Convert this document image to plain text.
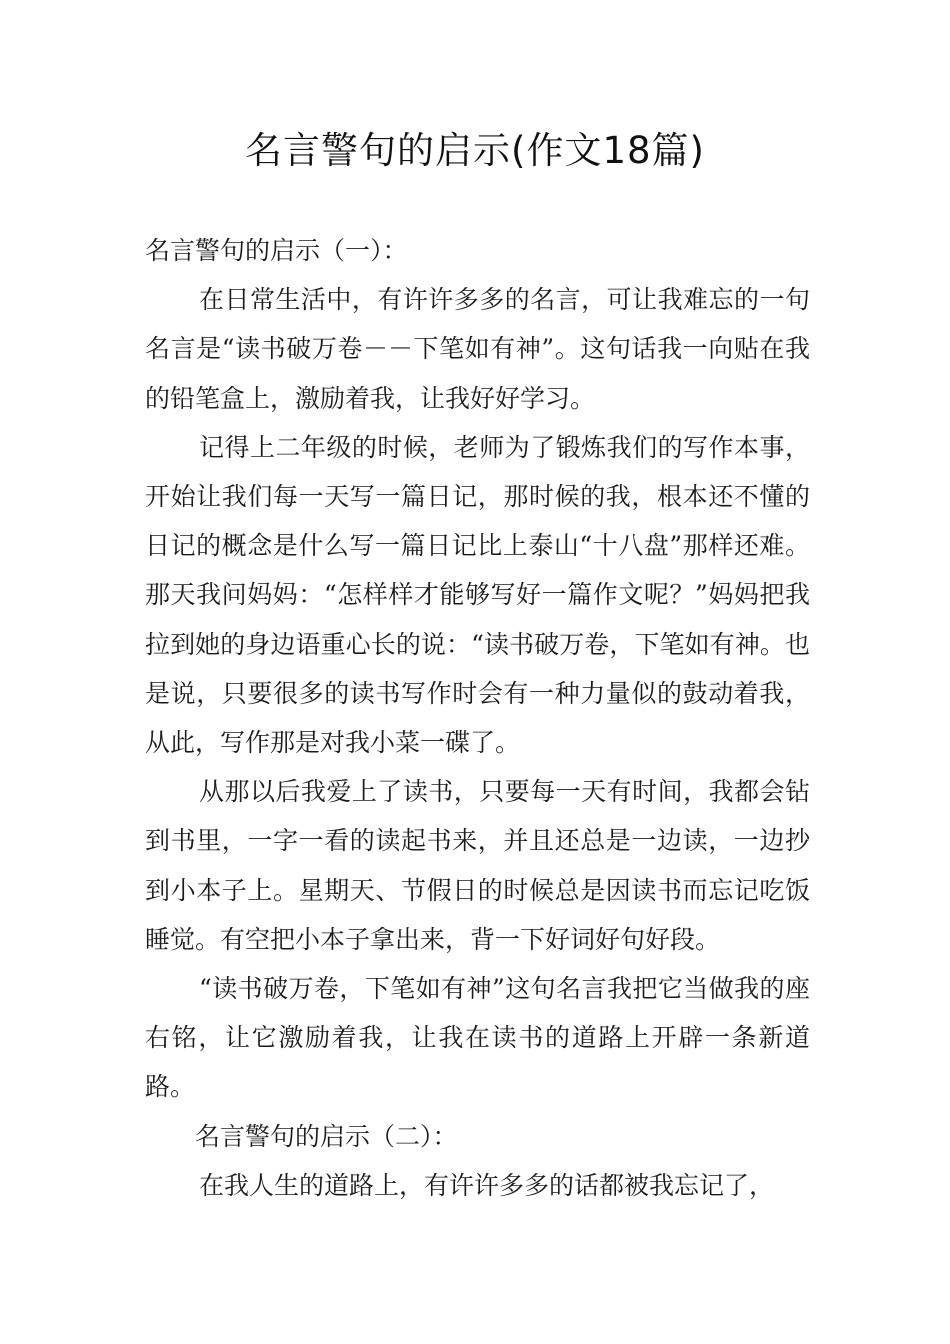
名言警句的启示(作文18篇)
名言警句的启示（一）：

在日常生活中，有许许多多的名言，可让我难忘的一句名言是“读书破万卷－－下笔如有神”。这句话我一向贴在我的铅笔盒上，激励着我，让我好好学习。

记得上二年级的时候，老师为了锻炼我们的写作本事，开始让我们每一天写一篇日记，那时候的我，根本还不懂的日记的概念是什么写一篇日记比上泰山“十八盘”那样还难。那天我问妈妈：“怎样样才能够写好一篇作文呢？”妈妈把我拉到她的身边语重心长的说：“读书破万卷，下笔如有神。也是说，只要很多的读书写作时会有一种力量似的鼓动着我，从此，写作那是对我小菜一碟了。

从那以后我爱上了读书，只要每一天有时间，我都会钻到书里，一字一看的读起书来，并且还总是一边读，一边抄到小本子上。星期天、节假日的时候总是因读书而忘记吃饭睡觉。有空把小本子拿出来，背一下好词好句好段。

“读书破万卷，下笔如有神”这句名言我把它当做我的座右铭，让它激励着我，让我在读书的道路上开辟一条新道路。

名言警句的启示（二）：

在我人生的道路上，有许许多多的话都被我忘记了，
